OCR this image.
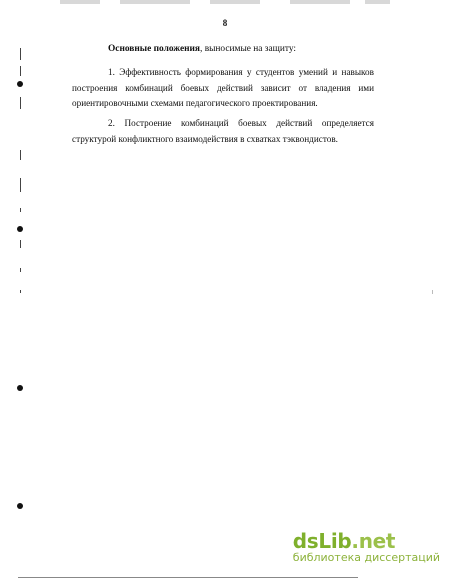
8
Основные положения, выносимые на защиту:

1. Эффективность формирования у студентов умений и навыков построения комбинаций боевых действий зависит от владения ими ориентировочными схемами педагогического проектирования.

2. Построение комбинаций боевых действий определяется структурой конфликтного взаимодействия в схватках тэквондистов.

dsLib.net
библиотека диссертаций
